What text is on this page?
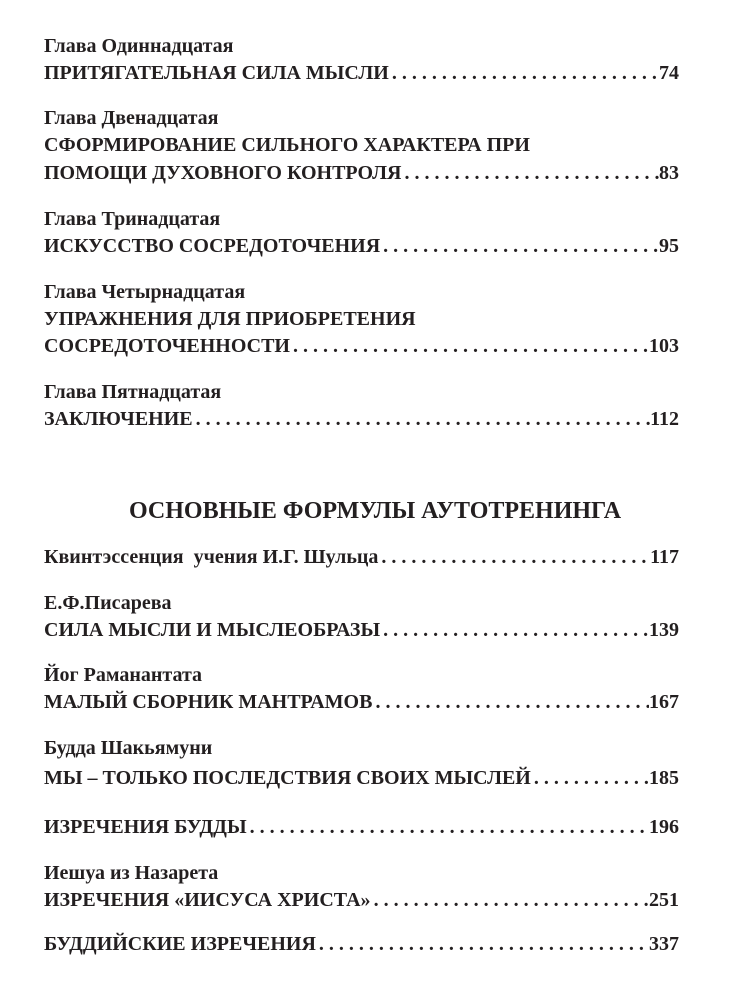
Глава Одиннадцатая
ПРИТЯГАТЕЛЬНАЯ СИЛА МЫСЛИ . . .	74
Глава Двенадцатая
СФОРМИРОВАНИЕ СИЛЬНОГО ХАРАКТЕРА ПРИ
ПОМОЩИ ДУХОВНОГО КОНТРОЛЯ . . .	83
Глава Тринадцатая
ИСКУССТВО СОСРЕДОТОЧЕНИЯ . . .	95
Глава Четырнадцатая
УПРАЖНЕНИЯ ДЛЯ ПРИОБРЕТЕНИЯ
СОСРЕДОТОЧЕННОСТИ . . .	103
Глава Пятнадцатая
ЗАКЛЮЧЕНИЕ . . .	112
ОСНОВНЫЕ ФОРМУЛЫ АУТОТРЕНИНГА
Квинтэссенция  учения И.Г. Шульца . . .	117
Е.Ф.Писарева
СИЛА МЫСЛИ И МЫСЛЕОБРАЗЫ . . .	139
Йог Раманантата
МАЛЫЙ СБОРНИК МАНТРАМОВ . . .	167
Будда Шакьямуни
МЫ – ТОЛЬКО ПОСЛЕДСТВИЯ СВОИХ МЫСЛЕЙ . . .	185
ИЗРЕЧЕНИЯ БУДДЫ . . .	196
Иешуа из Назарета
ИЗРЕЧЕНИЯ «ИИСУСА ХРИСТА» . . .	251
БУДДИЙСКИЕ ИЗРЕЧЕНИЯ . . .	337
